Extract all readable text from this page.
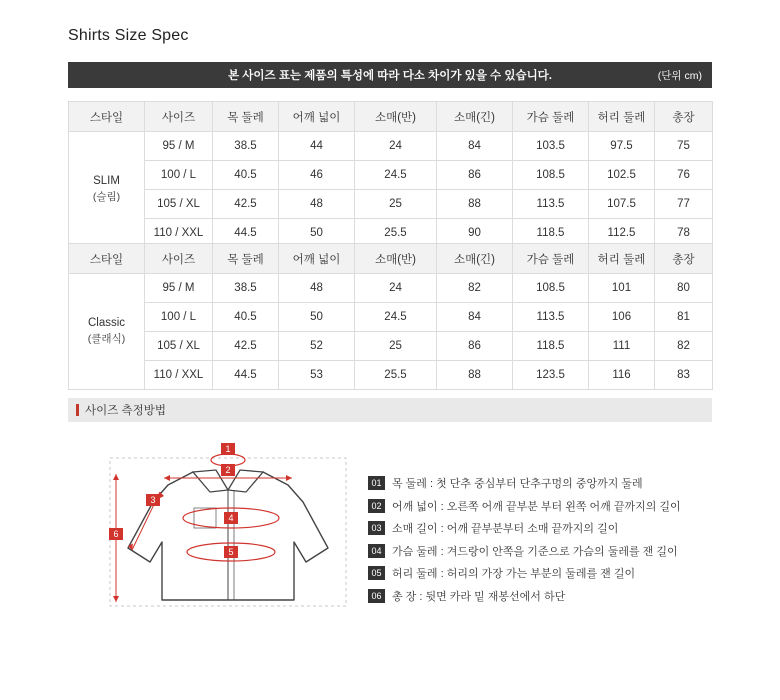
Shirts Size Spec
본 사이즈 표는 제품의 특성에 따라 다소 차이가 있을 수 있습니다.	(단위 cm)
스타일	사이즈	목 둘레	어깨 넓이	소매(반)	소매(긴)	가슴 둘레	허리 둘레	총장

SLIM
(슬림)	95 / M	38.5	44	24	84	103.5	97.5	75
	100 / L	40.5	46	24.5	86	108.5	102.5	76
	105 / XL	42.5	48	25	88	113.5	107.5	77
	110 / XXL	44.5	50	25.5	90	118.5	112.5	78
스타일	사이즈	목 둘레	어깨 넓이	소매(반)	소매(긴)	가슴 둘레	허리 둘레	총장

Classic
(클래식)	95 / M	38.5	48	24	82	108.5	101	80
	100 / L	40.5	50	24.5	84	113.5	106	81
	105 / XL	42.5	52	25	86	118.5	111	82
	110 / XXL	44.5	53	25.5	88	123.5	116	83
사이즈 측정방법
1
2
3
4
5
6
01 목 둘레 : 첫 단추 중심부터 단추구멍의 중앙까지 둘레
02 어깨 넓이 : 오른쪽 어깨 끝부분 부터 왼쪽 어깨 끝까지의 길이
03 소매 길이 : 어깨 끝부분부터 소매 끝까지의 길이
04 가슴 둘레 : 겨드랑이 안쪽을 기준으로 가슴의 둘레를 잰 길이
05 허리 둘레 : 허리의 가장 가는 부분의 둘레를 잰 길이
06 총 장 : 뒷면 카라 밑 재봉선에서 하단
